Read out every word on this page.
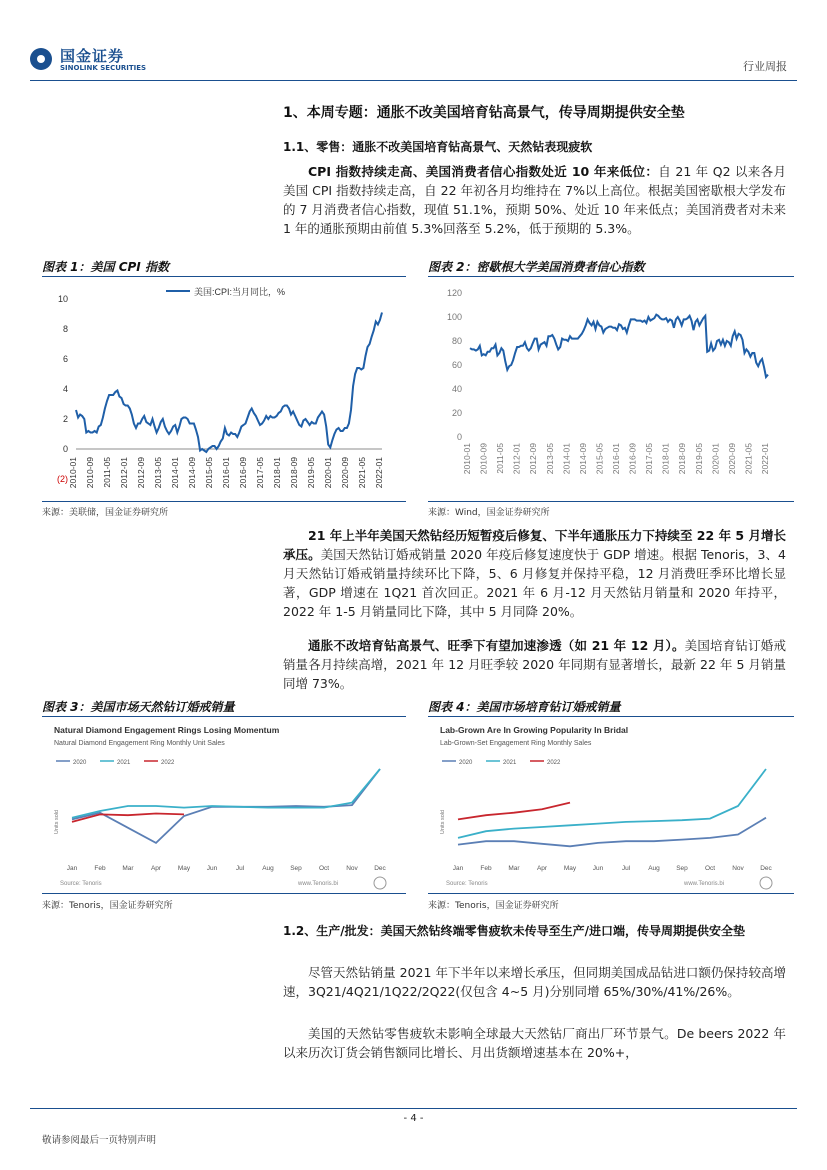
国金证券
SINOLINK SECURITIES	行业周报
1、本周专题：通胀不改美国培育钻高景气，传导周期提供安全垫
1.1、零售：通胀不改美国培育钻高景气、天然钻表现疲软
CPI 指数持续走高、美国消费者信心指数处近 10 年来低位：自 21 年 Q2 以来各月美国 CPI 指数持续走高，自 22 年初各月均维持在 7%以上高位。根据美国密歇根大学发布的 7 月消费者信心指数，现值 51.1%，预期 50%、处近 10 年来低点；美国消费者对未来 1 年的通胀预期由前值 5.3%回落至 5.2%，低于预期的 5.3%。
图表 1：美国 CPI 指数
10
8
6
4
2
0
(2) 2010-01 2010-09 2011-05 2012-01 2012-09 2013-05 2014-01 2014-09 2015-05 2016-01 2016-09 2017-05 2018-01 2018-09 2019-05 2020-01 2020-09 2021-05 2022-01
美国:CPI:当月同比，%
来源：美联储，国金证券研究所
图表 2：密歇根大学美国消费者信心指数
120
100
80
60
40
20
0
2010-01 2010-09 2011-05 2012-01 2012-09 2013-05 2014-01 2014-09 2015-05 2016-01 2016-09 2017-05 2018-01 2018-09 2019-05 2020-01 2020-09 2021-05 2022-01
来源：Wind，国金证券研究所
21 年上半年美国天然钻经历短暂疫后修复、下半年通胀压力下持续至 22 年 5 月增长承压。美国天然钻订婚戒销量 2020 年疫后修复速度快于 GDP 增速。根据 Tenoris，3、4 月天然钻订婚戒销量持续环比下降，5、6 月修复并保持平稳，12 月消费旺季环比增长显著，GDP 增速在 1Q21 首次回正。2021 年 6 月-12 月天然钻月销量和 2020 年持平，2022 年 1-5 月销量同比下降，其中 5 月同降 20%。
通胀不改培育钻高景气、旺季下有望加速渗透（如 21 年 12 月）。美国培育钻订婚戒销量各月持续高增，2021 年 12 月旺季较 2020 年同期有显著增长，最新 22 年 5 月销量同增 73%。
图表 3：美国市场天然钻订婚戒销量
Natural Diamond Engagement Rings Losing Momentum
Natural Diamond Engagement Ring Monthly Unit Sales
2020	2021	2022
Units sold
Jan	Feb	Mar	Apr	May	Jun	Jul	Aug	Sep	Oct	Nov	Dec
Source: Tenoris	www.Tenoris.bi
来源：Tenoris，国金证券研究所
图表 4：美国市场培育钻订婚戒销量
Lab-Grown Are In Growing Popularity In Bridal
Lab-Grown-Set Engagement Ring Monthly Sales
2020	2021	2022
Units sold
Jan	Feb	Mar	Apr	May	Jun	Jul	Aug	Sep	Oct	Nov	Dec
Source: Tenoris	www.Tenoris.bi
来源：Tenoris，国金证券研究所
1.2、生产/批发：美国天然钻终端零售疲软未传导至生产/进口端，传导周期提供安全垫
尽管天然钻销量 2021 年下半年以来增长承压，但同期美国成品钻进口额仍保持较高增速，3Q21/4Q21/1Q22/2Q22(仅包含 4~5 月)分别同增 65%/30%/41%/26%。
美国的天然钻零售疲软未影响全球最大天然钻厂商出厂环节景气。De beers 2022 年以来历次订货会销售额同比增长、月出货额增速基本在 20%+，
- 4 -
敬请参阅最后一页特别声明
